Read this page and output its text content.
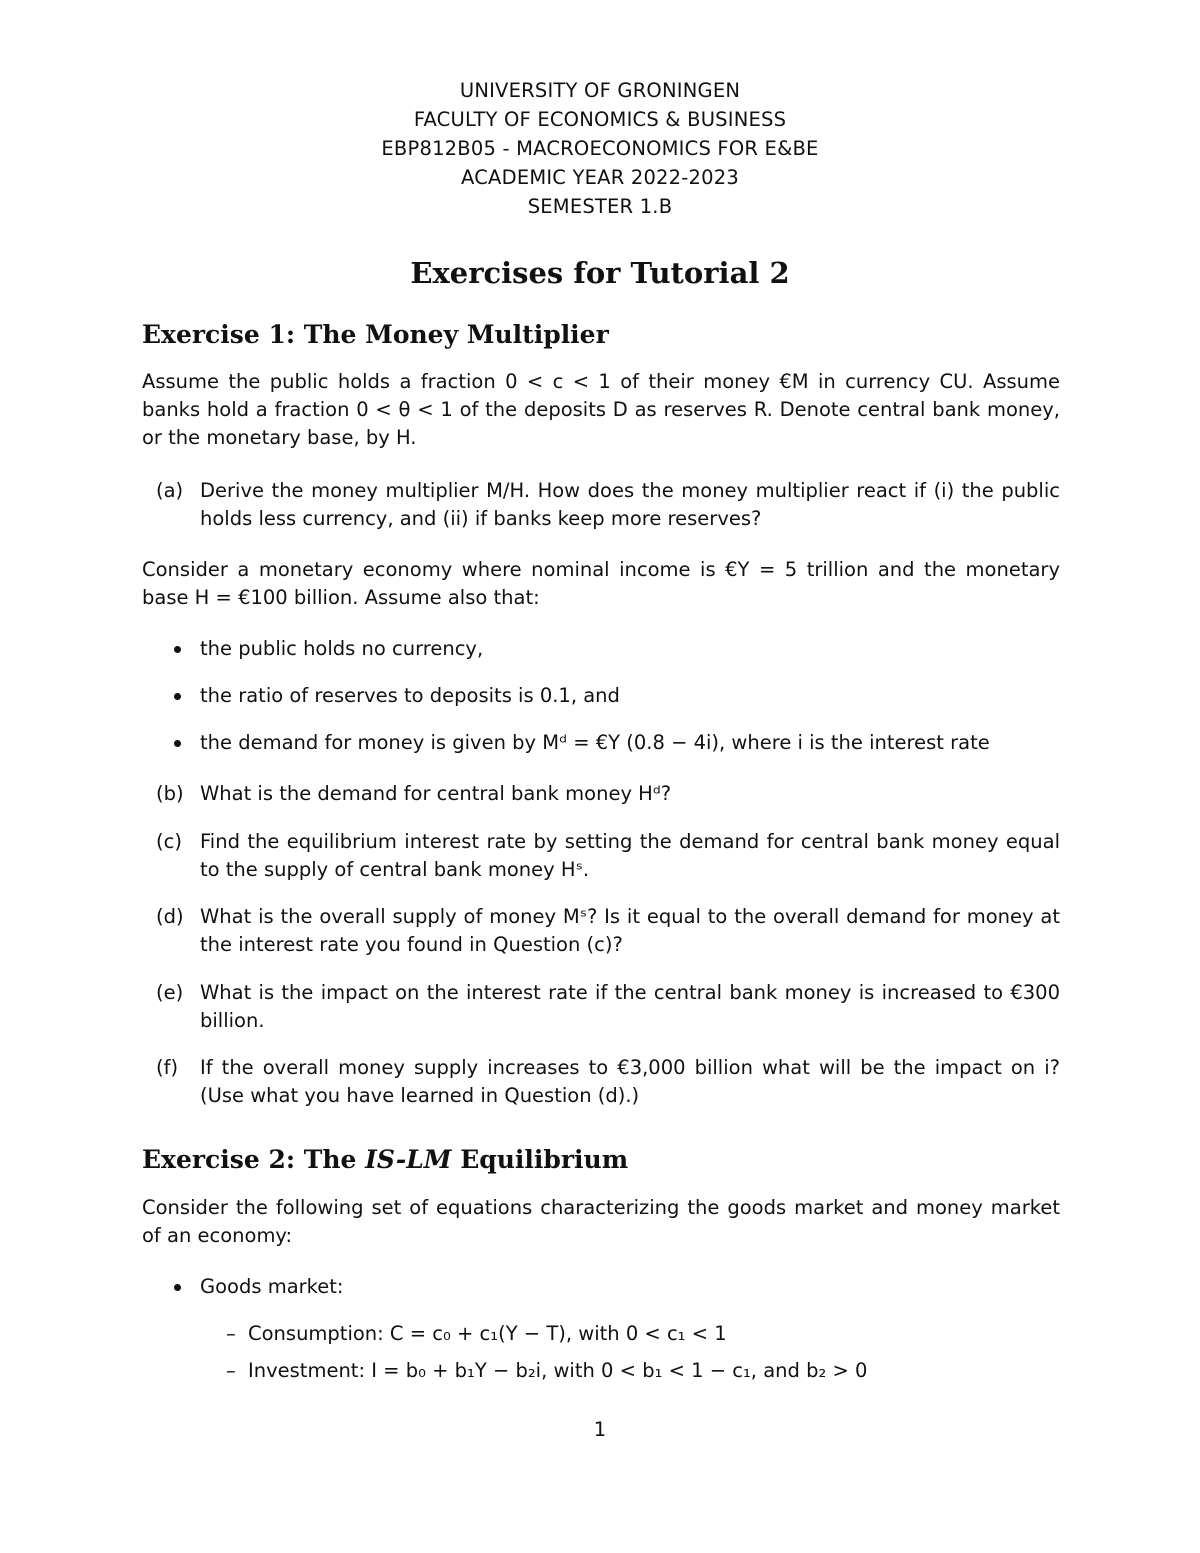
UNIVERSITY OF GRONINGEN
FACULTY OF ECONOMICS & BUSINESS
EBP812B05 - MACROECONOMICS FOR E&BE
ACADEMIC YEAR 2022-2023
SEMESTER 1.B
Exercises for Tutorial 2
Exercise 1: The Money Multiplier
Assume the public holds a fraction 0 < c < 1 of their money €M in currency CU. Assume banks hold a fraction 0 < θ < 1 of the deposits D as reserves R. Denote central bank money, or the monetary base, by H.
(a) Derive the money multiplier M/H. How does the money multiplier react if (i) the public holds less currency, and (ii) if banks keep more reserves?
Consider a monetary economy where nominal income is €Y = 5 trillion and the monetary base H = €100 billion. Assume also that:
the public holds no currency,
the ratio of reserves to deposits is 0.1, and
the demand for money is given by Mᵈ = €Y (0.8 − 4i), where i is the interest rate
(b) What is the demand for central bank money Hᵈ?
(c) Find the equilibrium interest rate by setting the demand for central bank money equal to the supply of central bank money Hˢ.
(d) What is the overall supply of money Mˢ? Is it equal to the overall demand for money at the interest rate you found in Question (c)?
(e) What is the impact on the interest rate if the central bank money is increased to €300 billion.
(f) If the overall money supply increases to €3,000 billion what will be the impact on i? (Use what you have learned in Question (d).)
Exercise 2: The IS-LM Equilibrium
Consider the following set of equations characterizing the goods market and money market of an economy:
Goods market:
– Consumption: C = c₀ + c₁(Y − T), with 0 < c₁ < 1
– Investment: I = b₀ + b₁Y − b₂i, with 0 < b₁ < 1 − c₁, and b₂ > 0
1
